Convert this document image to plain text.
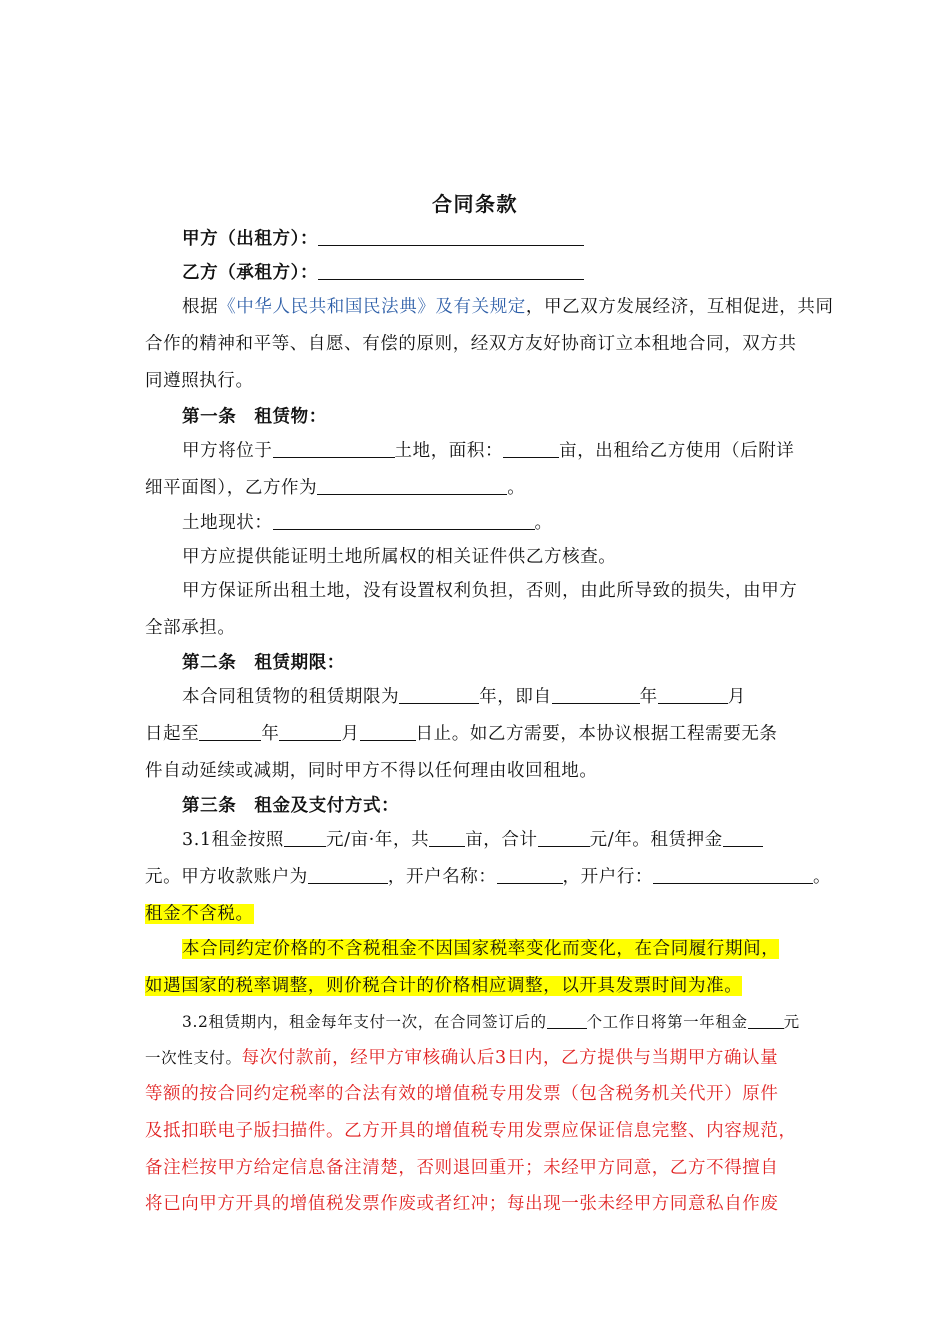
合同条款
甲方（出租方）：
乙方（承租方）：
根据《中华人民共和国民法典》及有关规定，甲乙双方发展经济，互相促进，共同
合作的精神和平等、自愿、有偿的原则，经双方友好协商订立本租地合同，双方共
同遵照执行。
第一条　租赁物：
甲方将位于	土地，面积：	亩，出租给乙方使用（后附详
细平面图），乙方作为	。
土地现状：	。
甲方应提供能证明土地所属权的相关证件供乙方核查。
甲方保证所出租土地，没有设置权利负担，否则，由此所导致的损失，由甲方
全部承担。
第二条　租赁期限：
本合同租赁物的租赁期限为	年，即自	年	月
日起至	年	月	日止。如乙方需要，本协议根据工程需要无条
件自动延续或减期，同时甲方不得以任何理由收回租地。
第三条　租金及支付方式：
3.1租金按照 元/亩·年，共 亩，合计	元/年。租赁押金
元。甲方收款账户为	，开户名称：	，开户行：	。
租金不含税。
本合同约定价格的不含税租金不因国家税率变化而变化，在合同履行期间，
如遇国家的税率调整，则价税合计的价格相应调整，以开具发票时间为准。
3.2租赁期内，租金每年支付一次，在合同签订后的	个工作日将第一年租金 元
一次性支付。每次付款前，经甲方审核确认后3日内，乙方提供与当期甲方确认量
等额的按合同约定税率的合法有效的增值税专用发票（包含税务机关代开）原件
及抵扣联电子版扫描件。乙方开具的增值税专用发票应保证信息完整、内容规范，
备注栏按甲方给定信息备注清楚，否则退回重开；未经甲方同意，乙方不得擅自
将已向甲方开具的增值税发票作废或者红冲；每出现一张未经甲方同意私自作废
